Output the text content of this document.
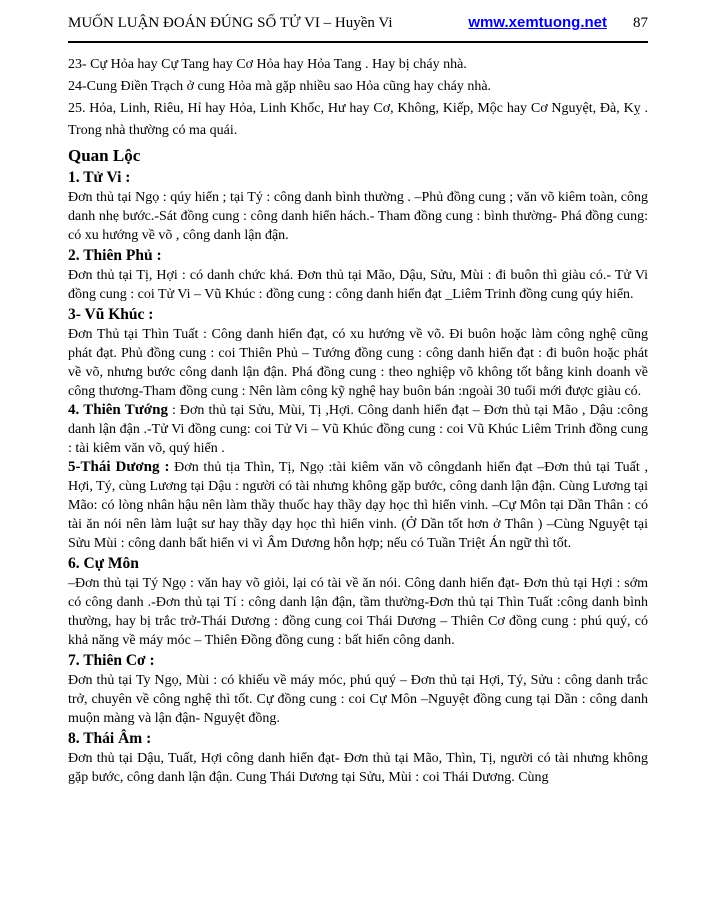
MUỐN LUẬN ĐOÁN ĐÚNG SỐ TỬ VI – Huyền Vi	wmw.xemtuong.net 87

23- Cự Hỏa hay Cự Tang hay Cơ Hỏa hay Hỏa Tang . Hay bị cháy nhà.

24-Cung Điền Trạch ở cung Hỏa mà gặp nhiều sao Hỏa cũng hay cháy nhà.

25. Hỏa, Linh, Riêu, Hỉ hay Hỏa, Linh Khốc, Hư hay Cơ, Không, Kiếp, Mộc hay Cơ Nguyệt, Đà, Kỵ . Trong nhà thường có ma quái.

Quan Lộc
1. Tử Vi :

Đơn thủ tại Ngọ : qúy hiển ; tại Tý : công danh bình thường . –Phủ đồng cung ; văn võ kiêm toàn, công danh nhẹ bước.-Sát đồng cung : công danh hiển hách.- Tham đồng cung : bình thường- Phá đồng cung: có xu hướng về võ , công danh lận đận.

2. Thiên Phủ :

Đơn thủ tại Tị, Hợi : có danh chức khá. Đơn thủ tại Mão, Dậu, Sửu, Mùi : đi buôn thì giàu có.- Tử Vi đồng cung : coi Tử Vi – Vũ Khúc : đồng cung : công danh hiển đạt _Liêm Trinh đồng cung qúy hiển.

3- Vũ Khúc :

Đơn Thủ tại Thìn Tuất : Công danh hiển đạt, có xu hướng về võ. Đi buôn hoặc làm công nghệ cũng phát đạt. Phủ đồng cung : coi Thiên Phủ – Tướng đồng cung : công danh hiển đạt : đi buôn hoặc phát về võ, nhưng bước công danh lận đận. Phá đồng cung : theo nghiệp võ không tốt bằng kinh doanh về công thương-Tham đồng cung : Nên làm công kỹ nghệ hay buôn bán :ngoài 30 tuổi mới được giàu có.

4. Thiên Tướng : Đơn thủ tại Sửu, Mùi, Tị ,Hợi. Công danh hiển đạt – Đơn thủ tại Mão , Dậu :công danh lận đận .-Tử Vi đồng cung: coi Tử Vi – Vũ Khúc đồng cung : coi Vũ Khúc Liêm Trinh đồng cung : tài kiêm văn võ, quý hiển .

5-Thái Dương : Đơn thủ tịa Thìn, Tị, Ngọ :tài kiêm văn võ côngdanh hiển đạt –Đơn thủ tại Tuất , Hợi, Tý, cùng Lương tại Dậu : người có tài nhưng không gặp bước, công danh lận đận. Cùng Lương tại Mão: có lòng nhân hậu nên làm thầy thuốc hay thầy dạy học thì hiển vinh. –Cự Môn tại Dần Thân : có tài ăn nói nên làm luật sư hay thầy dạy học thì hiển vinh. (Ở Dần tốt hơn ở Thân ) –Cùng Nguyệt tại Sửu Mùi : công danh bất hiển vi vì Âm Dương hỗn hợp; nếu có Tuần Triệt Án ngữ thì tốt.

6. Cự Môn

–Đơn thủ tại Tý Ngọ : văn hay võ giỏi, lại có tài về ăn nói. Công danh hiển đạt- Đơn thủ tại Hợi : sớm có công danh .-Đơn thủ tại Tí : công danh lận đận, tầm thường-Đơn thủ tại Thìn Tuất :công danh bình thường, hay bị trắc trở-Thái Dương : đồng cung coi Thái Dương – Thiên Cơ đồng cung : phú quý, có khả năng về máy móc – Thiên Đồng đồng cung : bất hiển công danh.

7. Thiên Cơ :

Đơn thủ tại Ty Ngọ, Mùi : có khiếu về máy móc, phú quý – Đơn thủ tại Hợi, Tý, Sửu : công danh trắc trở, chuyên về công nghệ thì tốt. Cự đồng cung : coi Cự Môn –Nguyệt đồng cung tại Dần : công danh muộn màng và lận đận- Nguyệt đồng.

8. Thái Âm :

Đơn thủ tại Dậu, Tuất, Hợi công danh hiển đạt- Đơn thủ tại Mão, Thìn, Tị, người có tài nhưng không gặp bước, công danh lận đận. Cung Thái Dương tại Sửu, Mùi : coi Thái Dương. Cùng
